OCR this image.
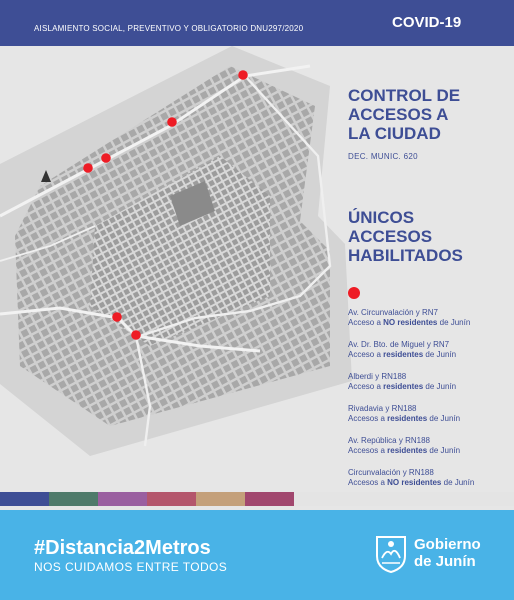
AISLAMIENTO SOCIAL, PREVENTIVO Y OBLIGATORIO DNU297/2020	COVID-19
CONTROL DE
ACCESOS A
LA CIUDAD
DEC. MUNIC. 620
ÚNICOS
ACCESOS
HABILITADOS
Av. Circunvalación y RN7
Acceso a NO residentes de Junín
Av. Dr. Bto. de Miguel y RN7
Acceso a residentes de Junín
Alberdi y RN188
Acceso a residentes de Junín
Rivadavia y RN188
Accesos a residentes de Junín
Av. República y RN188
Accesos a residentes de Junín
Circunvalación y RN188
Accesos a NO residentes de Junín
#Distancia2Metros
NOS CUIDAMOS ENTRE TODOS
Gobierno
de Junín
